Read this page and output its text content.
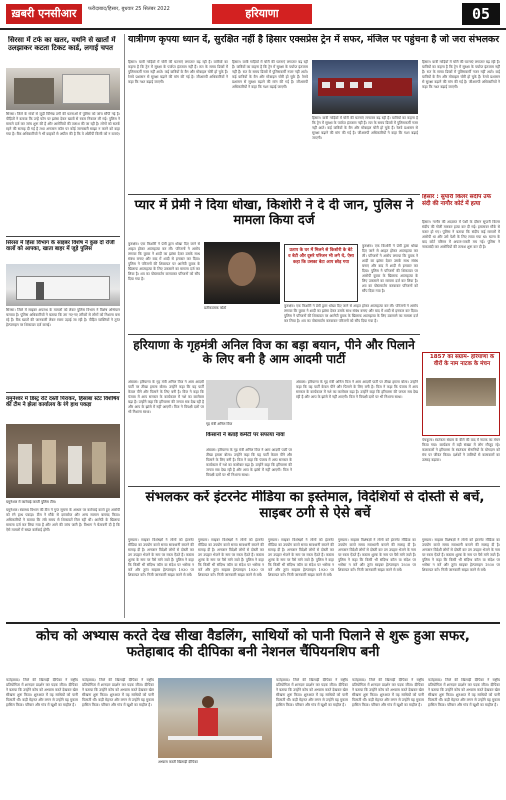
ख़बरी एनसीआर	फरीदाबाद/हिसार, बुधवार 25 सितंबर 2022	हरियाणा	05
सिरसा में टर्फ का खतर, यथनि से खातों में उलझाकर कटता टिकट कार्ड, लगाई चपत
सिरसा। जिले के गांवों से जुड़ी विभिन्न ठगी की घटनाओं में पुलिस को जांच सौंपी गई है। पीड़ितों ने बताया कि उन्हें फोन पर झांसा देकर खातों से रकम निकाल ली गई। पुलिस ने मामले दर्ज कर जांच शुरू की है और आरोपियों की तलाश की जा रही है। लोगों को सतर्क रहने की सलाह दी गई है तथा अनजान कॉल पर कोई जानकारी साझा न करने को कहा गया है। बैंक अधिकारियों ने भी ग्राहकों से अपील की है कि वे ओटीपी किसी को न बताएं।
सिरसा में हिसा विभाग के साइबर विशेष ने कुछ दो रोजी वालों को आपका, खाता बाहर में जुड़े पुलिस
सिरसा। जिले में साइबर अपराध के मामलों को लेकर पुलिस विभाग ने विशेष अभियान चलाया है। पुलिस अधिकारियों ने बताया कि ठग नए-नए तरीकों से लोगों को निशाना बना रहे हैं। बैंक खातों की जानकारी लेकर रकम उड़ाई जा रही है। पीड़ित व्यक्तियों ने तुरंत हेल्पलाइन पर शिकायत दर्ज कराई।
यमुनेश्वर में डिस्ट्र रोटे दस्ती पिराकर, हिसाबा स्टेट विशेषिय की टीम ने झेला कार्यालय के रंगे हाथ पकड़ा
यमुनेश्वर में कार्रवाई करती पुलिस टीम।
यमुनेश्वर। स्वास्थ्य विभाग की टीम ने गुप्त सूचना के आधार पर कार्रवाई करते हुए आरोपी को रंगे हाथ पकड़ा। टीम ने मौके से दस्तावेज और अन्य सामान बरामद किया। अधिकारियों ने बताया कि लंबे समय से शिकायतें मिल रही थीं। आरोपी के खिलाफ मामला दर्ज कर लिया गया है और आगे की जांच जारी है। विभाग ने चेतावनी दी है कि ऐसे मामलों में सख्त कार्रवाई होगी।
यात्रीगण कृपया ध्यान दें, सुरक्षित नहीं है हिसार एक्सप्रेस ट्रेन में सफर, मंजिल पर पहुंचना है जो जरा संभलकर
हिसार। यात्री गाड़ियों में चोरी की घटनाएं लगातार बढ़ रही हैं। यात्रियों का कहना है कि ट्रेन में सुरक्षा के पर्याप्त इंतजाम नहीं हैं। रात के समय डिब्बों में पुलिसकर्मी नजर नहीं आते। कई यात्रियों के बैग और मोबाइल चोरी हो चुके हैं। रेलवे प्रशासन से सुरक्षा बढ़ाने की मांग की गई है। जीआरपी अधिकारियों ने कहा कि गश्त बढ़ाई जाएगी।
हिसार। यात्री गाड़ियों में चोरी की घटनाएं लगातार बढ़ रही हैं। यात्रियों का कहना है कि ट्रेन में सुरक्षा के पर्याप्त इंतजाम नहीं हैं। रात के समय डिब्बों में पुलिसकर्मी नजर नहीं आते। कई यात्रियों के बैग और मोबाइल चोरी हो चुके हैं। रेलवे प्रशासन से सुरक्षा बढ़ाने की मांग की गई है। जीआरपी अधिकारियों ने कहा कि गश्त बढ़ाई जाएगी।
हिसार। यात्री गाड़ियों में चोरी की घटनाएं लगातार बढ़ रही हैं। यात्रियों का कहना है कि ट्रेन में सुरक्षा के पर्याप्त इंतजाम नहीं हैं। रात के समय डिब्बों में पुलिसकर्मी नजर नहीं आते। कई यात्रियों के बैग और मोबाइल चोरी हो चुके हैं। रेलवे प्रशासन से सुरक्षा बढ़ाने की मांग की गई है। जीआरपी अधिकारियों ने कहा कि गश्त बढ़ाई जाएगी।
हिसार। यात्री गाड़ियों में चोरी की घटनाएं लगातार बढ़ रही हैं। यात्रियों का कहना है कि ट्रेन में सुरक्षा के पर्याप्त इंतजाम नहीं हैं। रात के समय डिब्बों में पुलिसकर्मी नजर नहीं आते। कई यात्रियों के बैग और मोबाइल चोरी हो चुके हैं। रेलवे प्रशासन से सुरक्षा बढ़ाने की मांग की गई है। जीआरपी अधिकारियों ने कहा कि गश्त बढ़ाई जाएगी।
हिसार : सुपारी किलर संदीप उर्फ संदी की नागौर कोर्ट में हत्या
हिसार। नागौर की अदालत में पेशी के दौरान सुपारी किलर संदीप की गोली मारकर हत्या कर दी गई। हमलावर मौके से फरार हो गए। पुलिस ने बताया कि संदीप कई मामलों में आरोपी था और उसे पेशी के लिए लाया गया था। घटना के बाद कोर्ट परिसर में अफरा-तफरी मच गई। पुलिस ने नाकाबंदी कर आरोपियों की तलाश शुरू कर दी है।
प्यार में प्रेमी ने दिया धोखा, किशोरी ने दे दी जान, पुलिस ने मामला किया दर्ज
कुरुक्षेत्र। एक किशोरी ने प्रेमी द्वारा धोखा दिए जाने से आहत होकर आत्महत्या कर ली। परिजनों ने आरोप लगाया कि युवक ने शादी का झांसा देकर उसके साथ संबंध बनाए और बाद में शादी से इनकार कर दिया। पुलिस ने परिजनों की शिकायत पर आरोपी युवक के खिलाफ आत्महत्या के लिए उकसाने का मामला दर्ज कर लिया है। शव का पोस्टमार्टम करवाकर परिजनों को सौंप दिया गया है।
प्रतीकात्मक फोटो
प्रताप के घर में मिलने से किशोरी के बेटे व बेटी और दूसरे परिजन भी लगे थे, ऐसा कहा कि उसका बेटा आप छोड़ गया
कुरुक्षेत्र। एक किशोरी ने प्रेमी द्वारा धोखा दिए जाने से आहत होकर आत्महत्या कर ली। परिजनों ने आरोप लगाया कि युवक ने शादी का झांसा देकर उसके साथ संबंध बनाए और बाद में शादी से इनकार कर दिया। पुलिस ने परिजनों की शिकायत पर आरोपी युवक के खिलाफ आत्महत्या के लिए उकसाने का मामला दर्ज कर लिया है। शव का पोस्टमार्टम करवाकर परिजनों को सौंप दिया गया है।
कुरुक्षेत्र। एक किशोरी ने प्रेमी द्वारा धोखा दिए जाने से आहत होकर आत्महत्या कर ली। परिजनों ने आरोप लगाया कि युवक ने शादी का झांसा देकर उसके साथ संबंध बनाए और बाद में शादी से इनकार कर दिया। पुलिस ने परिजनों की शिकायत पर आरोपी युवक के खिलाफ आत्महत्या के लिए उकसाने का मामला दर्ज कर लिया है। शव का पोस्टमार्टम करवाकर परिजनों को सौंप दिया गया है।
1857 का संग्राम- हरियाणा के वीरों के नाम नाटक के मंचन
पंचकूला। स्वतंत्रता संग्राम के वीरों की याद में नाटक का मंचन किया गया। कार्यक्रम में बड़ी संख्या में लोग मौजूद रहे। कलाकारों ने हरियाणा के स्वतंत्रता सेनानियों के योगदान को मंच पर जीवंत किया। दर्शकों ने तालियों से कलाकारों का उत्साह बढ़ाया।
हरियाणा के गृहमंत्री अनिल विज का बड़ा बयान, पीने और पिलाने के लिए बनी है आम आदमी पार्टी
अंबाला। हरियाणा के गृह मंत्री अनिल विज ने आम आदमी पार्टी पर तीखा हमला बोला। उन्होंने कहा कि यह पार्टी केवल पीने और पिलाने के लिए बनी है। विज ने कहा कि पंजाब में आप सरकार के कार्यकाल में नशे का कारोबार बढ़ा है। उन्होंने कहा कि हरियाणा की जनता सब देख रही है और आप के झांसे में नहीं आएगी। विज ने विपक्षी दलों पर भी निशाना साधा।
गृह मंत्री अनिल विज
अंबाला। हरियाणा के गृह मंत्री अनिल विज ने आम आदमी पार्टी पर तीखा हमला बोला। उन्होंने कहा कि यह पार्टी केवल पीने और पिलाने के लिए बनी है। विज ने कहा कि पंजाब में आप सरकार के कार्यकाल में नशे का कारोबार बढ़ा है। उन्होंने कहा कि हरियाणा की जनता सब देख रही है और आप के झांसे में नहीं आएगी। विज ने विपक्षी दलों पर भी निशाना साधा।
किसानों ने बताई कमेटी पर सफाया नावा
अंबाला। हरियाणा के गृह मंत्री अनिल विज ने आम आदमी पार्टी पर तीखा हमला बोला। उन्होंने कहा कि यह पार्टी केवल पीने और पिलाने के लिए बनी है। विज ने कहा कि पंजाब में आप सरकार के कार्यकाल में नशे का कारोबार बढ़ा है। उन्होंने कहा कि हरियाणा की जनता सब देख रही है और आप के झांसे में नहीं आएगी। विज ने विपक्षी दलों पर भी निशाना साधा।
संभलकर करें इंटरनेट मीडिया का इस्तेमाल, विदेशियों से दोस्ती से बचें, साइबर ठगी से ऐसे बचें
गुरुग्राम। साइबर विशेषज्ञों ने लोगों को इंटरनेट मीडिया का उपयोग करते समय सावधानी बरतने की सलाह दी है। अनजान विदेशी लोगों से दोस्ती कर ठग उपहार भेजने के नाम पर रकम ऐंठते हैं। कस्टम शुल्क के नाम पर पैसे मांगे जाते हैं। पुलिस ने कहा कि किसी भी संदिग्ध कॉल या संदेश पर भरोसा न करें और तुरंत साइबर हेल्पलाइन 1930 पर शिकायत करें। निजी जानकारी साझा करने से बचें।
गुरुग्राम। साइबर विशेषज्ञों ने लोगों को इंटरनेट मीडिया का उपयोग करते समय सावधानी बरतने की सलाह दी है। अनजान विदेशी लोगों से दोस्ती कर ठग उपहार भेजने के नाम पर रकम ऐंठते हैं। कस्टम शुल्क के नाम पर पैसे मांगे जाते हैं। पुलिस ने कहा कि किसी भी संदिग्ध कॉल या संदेश पर भरोसा न करें और तुरंत साइबर हेल्पलाइन 1930 पर शिकायत करें। निजी जानकारी साझा करने से बचें।
गुरुग्राम। साइबर विशेषज्ञों ने लोगों को इंटरनेट मीडिया का उपयोग करते समय सावधानी बरतने की सलाह दी है। अनजान विदेशी लोगों से दोस्ती कर ठग उपहार भेजने के नाम पर रकम ऐंठते हैं। कस्टम शुल्क के नाम पर पैसे मांगे जाते हैं। पुलिस ने कहा कि किसी भी संदिग्ध कॉल या संदेश पर भरोसा न करें और तुरंत साइबर हेल्पलाइन 1930 पर शिकायत करें। निजी जानकारी साझा करने से बचें।
गुरुग्राम। साइबर विशेषज्ञों ने लोगों को इंटरनेट मीडिया का उपयोग करते समय सावधानी बरतने की सलाह दी है। अनजान विदेशी लोगों से दोस्ती कर ठग उपहार भेजने के नाम पर रकम ऐंठते हैं। कस्टम शुल्क के नाम पर पैसे मांगे जाते हैं। पुलिस ने कहा कि किसी भी संदिग्ध कॉल या संदेश पर भरोसा न करें और तुरंत साइबर हेल्पलाइन 1930 पर शिकायत करें। निजी जानकारी साझा करने से बचें।
गुरुग्राम। साइबर विशेषज्ञों ने लोगों को इंटरनेट मीडिया का उपयोग करते समय सावधानी बरतने की सलाह दी है। अनजान विदेशी लोगों से दोस्ती कर ठग उपहार भेजने के नाम पर रकम ऐंठते हैं। कस्टम शुल्क के नाम पर पैसे मांगे जाते हैं। पुलिस ने कहा कि किसी भी संदिग्ध कॉल या संदेश पर भरोसा न करें और तुरंत साइबर हेल्पलाइन 1930 पर शिकायत करें। निजी जानकारी साझा करने से बचें।
कोच को अभ्यास करते देख सीखा वैडलिंग, साथियों को पानी पिलाने से शुरू हुआ सफर, फतेहाबाद की दीपिका बनी नेशनल चैंपियनशिप बनी
फतेहाबाद। जिले की खिलाड़ी दीपिका ने राष्ट्रीय प्रतियोगिता में शानदार प्रदर्शन कर पदक जीता। दीपिका ने बताया कि उन्होंने कोच को अभ्यास करते देखकर खेल सीखना शुरू किया। शुरुआत में वह साथियों को पानी पिलाती थीं। कड़ी मेहनत और लगन से उन्होंने यह मुकाम हासिल किया। परिवार और गांव में खुशी का माहौल है।
फतेहाबाद। जिले की खिलाड़ी दीपिका ने राष्ट्रीय प्रतियोगिता में शानदार प्रदर्शन कर पदक जीता। दीपिका ने बताया कि उन्होंने कोच को अभ्यास करते देखकर खेल सीखना शुरू किया। शुरुआत में वह साथियों को पानी पिलाती थीं। कड़ी मेहनत और लगन से उन्होंने यह मुकाम हासिल किया। परिवार और गांव में खुशी का माहौल है।
अभ्यास करती खिलाड़ी दीपिका
फतेहाबाद। जिले की खिलाड़ी दीपिका ने राष्ट्रीय प्रतियोगिता में शानदार प्रदर्शन कर पदक जीता। दीपिका ने बताया कि उन्होंने कोच को अभ्यास करते देखकर खेल सीखना शुरू किया। शुरुआत में वह साथियों को पानी पिलाती थीं। कड़ी मेहनत और लगन से उन्होंने यह मुकाम हासिल किया। परिवार और गांव में खुशी का माहौल है।
फतेहाबाद। जिले की खिलाड़ी दीपिका ने राष्ट्रीय प्रतियोगिता में शानदार प्रदर्शन कर पदक जीता। दीपिका ने बताया कि उन्होंने कोच को अभ्यास करते देखकर खेल सीखना शुरू किया। शुरुआत में वह साथियों को पानी पिलाती थीं। कड़ी मेहनत और लगन से उन्होंने यह मुकाम हासिल किया। परिवार और गांव में खुशी का माहौल है।
फतेहाबाद। जिले की खिलाड़ी दीपिका ने राष्ट्रीय प्रतियोगिता में शानदार प्रदर्शन कर पदक जीता। दीपिका ने बताया कि उन्होंने कोच को अभ्यास करते देखकर खेल सीखना शुरू किया। शुरुआत में वह साथियों को पानी पिलाती थीं। कड़ी मेहनत और लगन से उन्होंने यह मुकाम हासिल किया। परिवार और गांव में खुशी का माहौल है।
